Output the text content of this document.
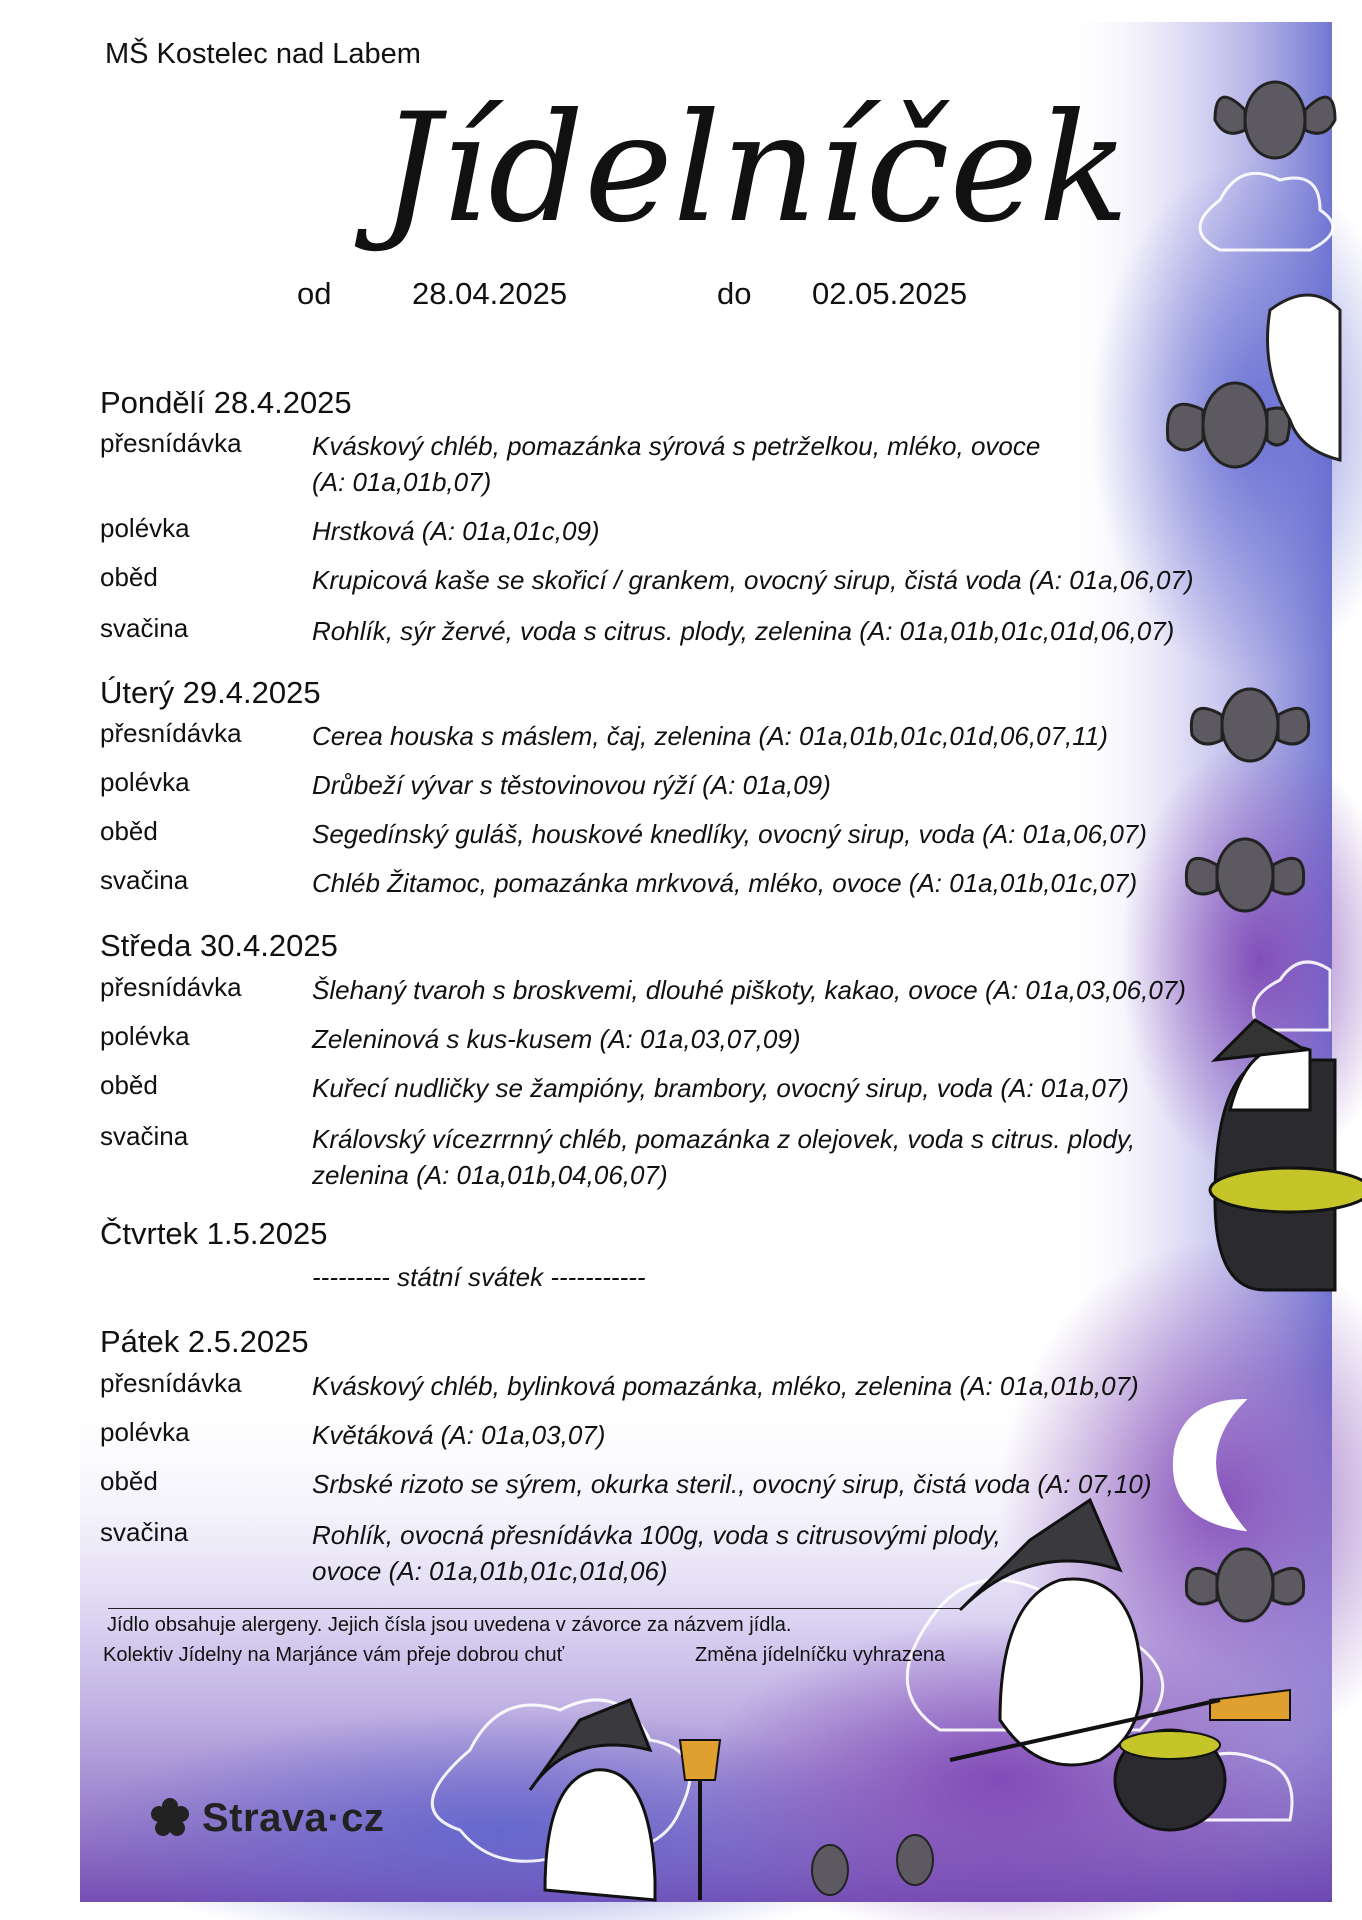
MŠ Kostelec nad Labem
Jídelníček
od	28.04.2025	do 02.05.2025
Pondělí 28.4.2025
přesnídávka	Kváskový chléb, pomazánka sýrová s petrželkou, mléko, ovoce
(A: 01a,01b,07)
polévka	Hrstková (A: 01a,01c,09)
oběd	Krupicová kaše se skořicí / grankem, ovocný sirup, čistá voda (A: 01a,06,07)
svačina	Rohlík, sýr žervé, voda s citrus. plody, zelenina (A: 01a,01b,01c,01d,06,07)
Úterý 29.4.2025
přesnídávka	Cerea houska s máslem, čaj, zelenina (A: 01a,01b,01c,01d,06,07,11)
polévka	Drůbeží vývar s těstovinovou rýží (A: 01a,09)
oběd	Segedínský guláš, houskové knedlíky, ovocný sirup, voda (A: 01a,06,07)
svačina	Chléb Žitamoc, pomazánka mrkvová, mléko, ovoce (A: 01a,01b,01c,07)
Středa 30.4.2025
přesnídávka	Šlehaný tvaroh s broskvemi, dlouhé piškoty, kakao, ovoce (A: 01a,03,06,07)
polévka	Zeleninová s kus-kusem (A: 01a,03,07,09)
oběd	Kuřecí nudličky se žampióny, brambory, ovocný sirup, voda (A: 01a,07)
svačina	Královský vícezrrnný chléb, pomazánka z olejovek, voda s citrus. plody,
zelenina (A: 01a,01b,04,06,07)
Čtvrtek 1.5.2025
--------- státní svátek -----------
Pátek 2.5.2025
přesnídávka	Kváskový chléb, bylinková pomazánka, mléko, zelenina (A: 01a,01b,07)
polévka	Květáková (A: 01a,03,07)
oběd	Srbské rizoto se sýrem, okurka steril., ovocný sirup, čistá voda (A: 07,10)
svačina	Rohlík, ovocná přesnídávka 100g, voda s citrusovými plody,
ovoce (A: 01a,01b,01c,01d,06)
Jídlo obsahuje alergeny. Jejich čísla jsou uvedena v závorce za názvem jídla.
Kolektiv Jídelny na Marjánce vám přeje dobrou chuť	Změna jídelníčku vyhrazena
Strava·cz
